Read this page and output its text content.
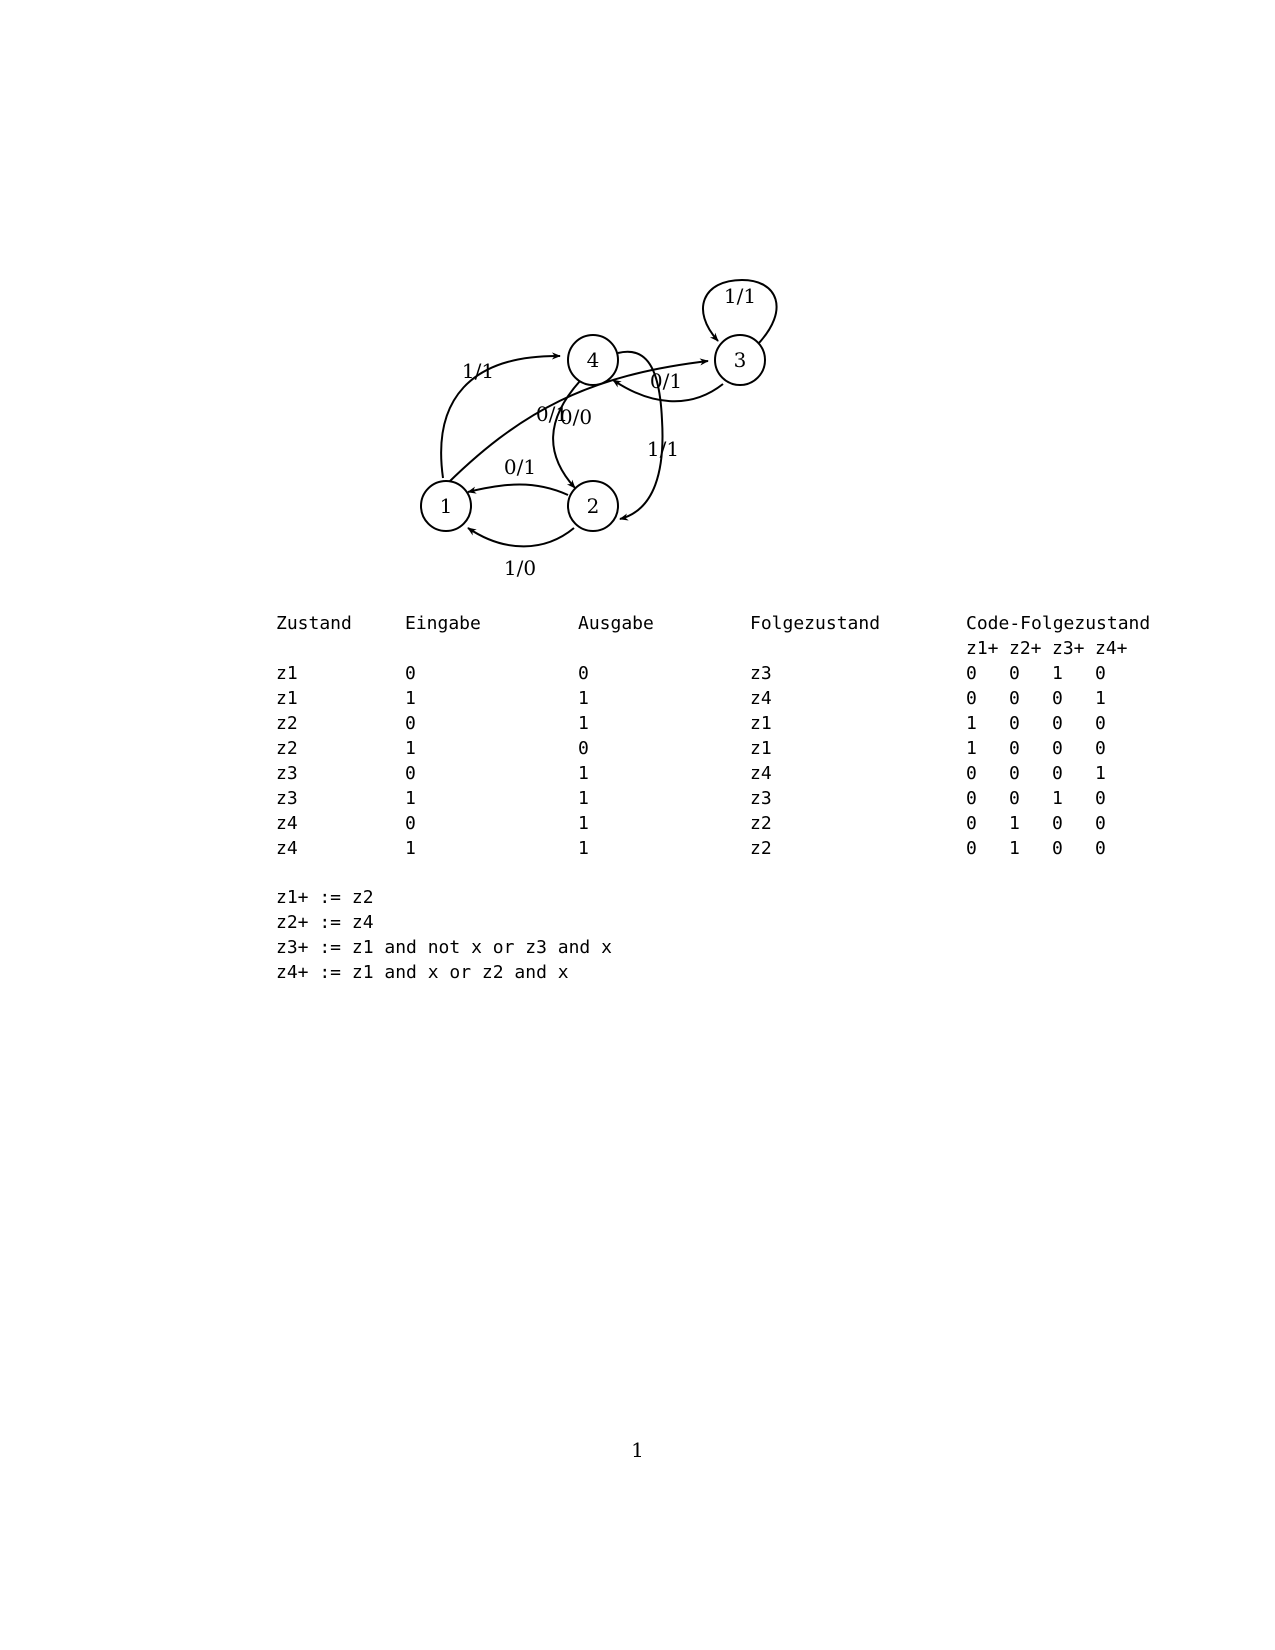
1	2
3
4
1/1
0/0
0/1
1/0
1/1
0/1
0/1
1/1
Zustand	Eingabe	Ausgabe	Folgezustand	Code-Folgezustand
z1+ z2+ z3+ z4+
z1	0	0	z3	0 0 1 0
z1	1	1	z4	0 0 0 1
z2	0	1	z1	1 0 0 0
z2	1	0	z1	1 0 0 0
z3	0	1	z4	0 0 0 1
z3	1	1	z3	0 0 1 0
z4	0	1	z2	0 1 0 0
z4	1	1	z2	0 1 0 0
z1+ := z2
z2+ := z4
z3+ := z1 and not x or z3 and x
z4+ := z1 and x or z2 and x
1
